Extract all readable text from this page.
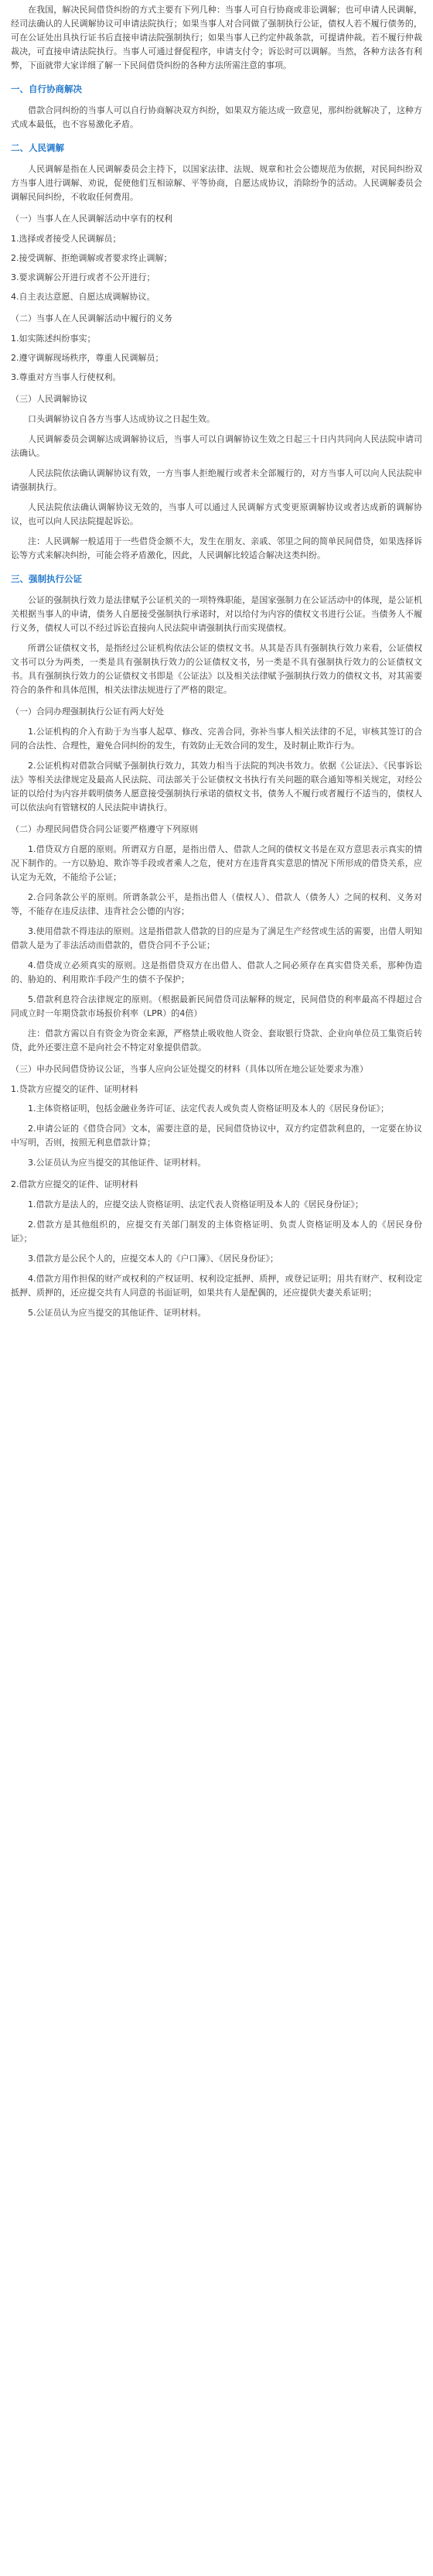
在我国，解决民间借贷纠纷的方式主要有下列几种：当事人可自行协商或非讼调解；也可申请人民调解，经司法确认的人民调解协议可申请法院执行；如果当事人对合同做了强制执行公证，债权人若不履行债务的，可在公证处出具执行证书后直接申请法院强制执行；如果当事人已约定仲裁条款，可提请仲裁。若不履行仲裁裁决，可直接申请法院执行。当事人可通过督促程序，申请支付令；诉讼时可以调解。当然，各种方法各有利弊，下面就带大家详细了解一下民间借贷纠纷的各种方法所需注意的事项。

一、自行协商解决

借款合同纠纷的当事人可以自行协商解决双方纠纷，如果双方能达成一致意见，那纠纷就解决了，这种方式成本最低，也不容易激化矛盾。

二、人民调解

人民调解是指在人民调解委员会主持下，以国家法律、法规、规章和社会公德规范为依据，对民间纠纷双方当事人进行调解、劝说，促使他们互相谅解、平等协商，自愿达成协议，消除纷争的活动。人民调解委员会调解民间纠纷，不收取任何费用。

（一）当事人在人民调解活动中享有的权利

1.选择或者接受人民调解员；

2.接受调解、拒绝调解或者要求终止调解；

3.要求调解公开进行或者不公开进行；

4.自主表达意愿、自愿达成调解协议。

（二）当事人在人民调解活动中履行的义务

1.如实陈述纠纷事实；

2.遵守调解现场秩序，尊重人民调解员；

3.尊重对方当事人行使权利。

（三）人民调解协议

口头调解协议自各方当事人达成协议之日起生效。

人民调解委员会调解达成调解协议后，当事人可以自调解协议生效之日起三十日内共同向人民法院申请司法确认。

人民法院依法确认调解协议有效，一方当事人拒绝履行或者未全部履行的，对方当事人可以向人民法院申请强制执行。

人民法院依法确认调解协议无效的，当事人可以通过人民调解方式变更原调解协议或者达成新的调解协议，也可以向人民法院提起诉讼。

注：人民调解一般适用于一些借贷金额不大，发生在朋友、亲戚、邻里之间的简单民间借贷，如果选择诉讼等方式来解决纠纷，可能会将矛盾激化，因此，人民调解比较适合解决这类纠纷。

三、强制执行公证

公证的强制执行效力是法律赋予公证机关的一项特殊职能，是国家强制力在公证活动中的体现，是公证机关根据当事人的申请，债务人自愿接受强制执行承诺时，对以给付为内容的债权文书进行公证。当债务人不履行义务，债权人可以不经过诉讼直接向人民法院申请强制执行而实现债权。

所谓公证债权文书，是指经过公证机构依法公证的债权文书。从其是否具有强制执行效力来看，公证债权文书可以分为两类，一类是具有强制执行效力的公证债权文书，另一类是不具有强制执行效力的公证债权文书。具有强制执行效力的公证债权文书即是《公证法》以及相关法律赋予强制执行效力的债权文书，对其需要符合的条件和具体范围，相关法律法规进行了严格的限定。

（一）合同办理强制执行公证有两大好处

1.公证机构的介入有助于为当事人起草、修改、完善合同，弥补当事人相关法律的不足，审核其签订的合同的合法性、合理性，避免合同纠纷的发生，有效防止无效合同的发生，及时制止欺诈行为。

2.公证机构对借款合同赋予强制执行效力，其效力相当于法院的判决书效力。依据《公证法》、《民事诉讼法》等相关法律规定及最高人民法院、司法部关于公证债权文书执行有关问题的联合通知等相关规定，对经公证的以给付为内容并载明债务人愿意接受强制执行承诺的债权文书，债务人不履行或者履行不适当的，债权人可以依法向有管辖权的人民法院申请执行。

（二）办理民间借贷合同公证要严格遵守下列原则

1.借贷双方自愿的原则。所谓双方自愿，是指出借人、借款人之间的债权文书是在双方意思表示真实的情况下制作的。一方以胁迫、欺诈等手段或者乘人之危，使对方在违背真实意思的情况下所形成的借贷关系，应认定为无效，不能给予公证；

2.合同条款公平的原则。所谓条款公平，是指出借人（债权人）、借款人（债务人）之间的权利、义务对等，不能存在违反法律、违背社会公德的内容；

3.使用借款不得违法的原则。这是指借款人借款的目的应是为了满足生产经营或生活的需要，出借人明知借款人是为了非法活动而借款的，借贷合同不予公证；

4.借贷成立必须真实的原则。这是指借贷双方在出借人、借款人之间必须存在真实借贷关系，那种伪造的、胁迫的、利用欺诈手段产生的债不予保护；

5.借款利息符合法律规定的原则。（根据最新民间借贷司法解释的规定，民间借贷的利率最高不得超过合同成立时一年期贷款市场报价利率（LPR）的4倍）

注：借款方需以自有资金为资金来源，严格禁止吸收他人资金、套取银行贷款、企业向单位员工集资后转贷，此外还要注意不是向社会不特定对象提供借款。

（三）申办民间借贷协议公证，当事人应向公证处提交的材料（具体以所在地公证处要求为准）

1.贷款方应提交的证件、证明材料

1.主体资格证明，包括金融业务许可证、法定代表人或负责人资格证明及本人的《居民身份证》；

2.申请公证的《借贷合同》文本，需要注意的是，民间借贷协议中，双方约定借款利息的，一定要在协议中写明，否则，按照无利息借款计算；

3.公证员认为应当提交的其他证件、证明材料。

2.借款方应提交的证件、证明材料

1.借款方是法人的，应提交法人资格证明、法定代表人资格证明及本人的《居民身份证》；

2.借款方是其他组织的，应提交有关部门制发的主体资格证明、负责人资格证明及本人的《居民身份证》；

3.借款方是公民个人的，应提交本人的《户口簿》、《居民身份证》；

4.借款方用作担保的财产或权利的产权证明、权利设定抵押、质押，或登记证明；用共有财产、权利设定抵押、质押的，还应提交共有人同意的书面证明，如果共有人是配偶的，还应提供夫妻关系证明；

5.公证员认为应当提交的其他证件、证明材料。
